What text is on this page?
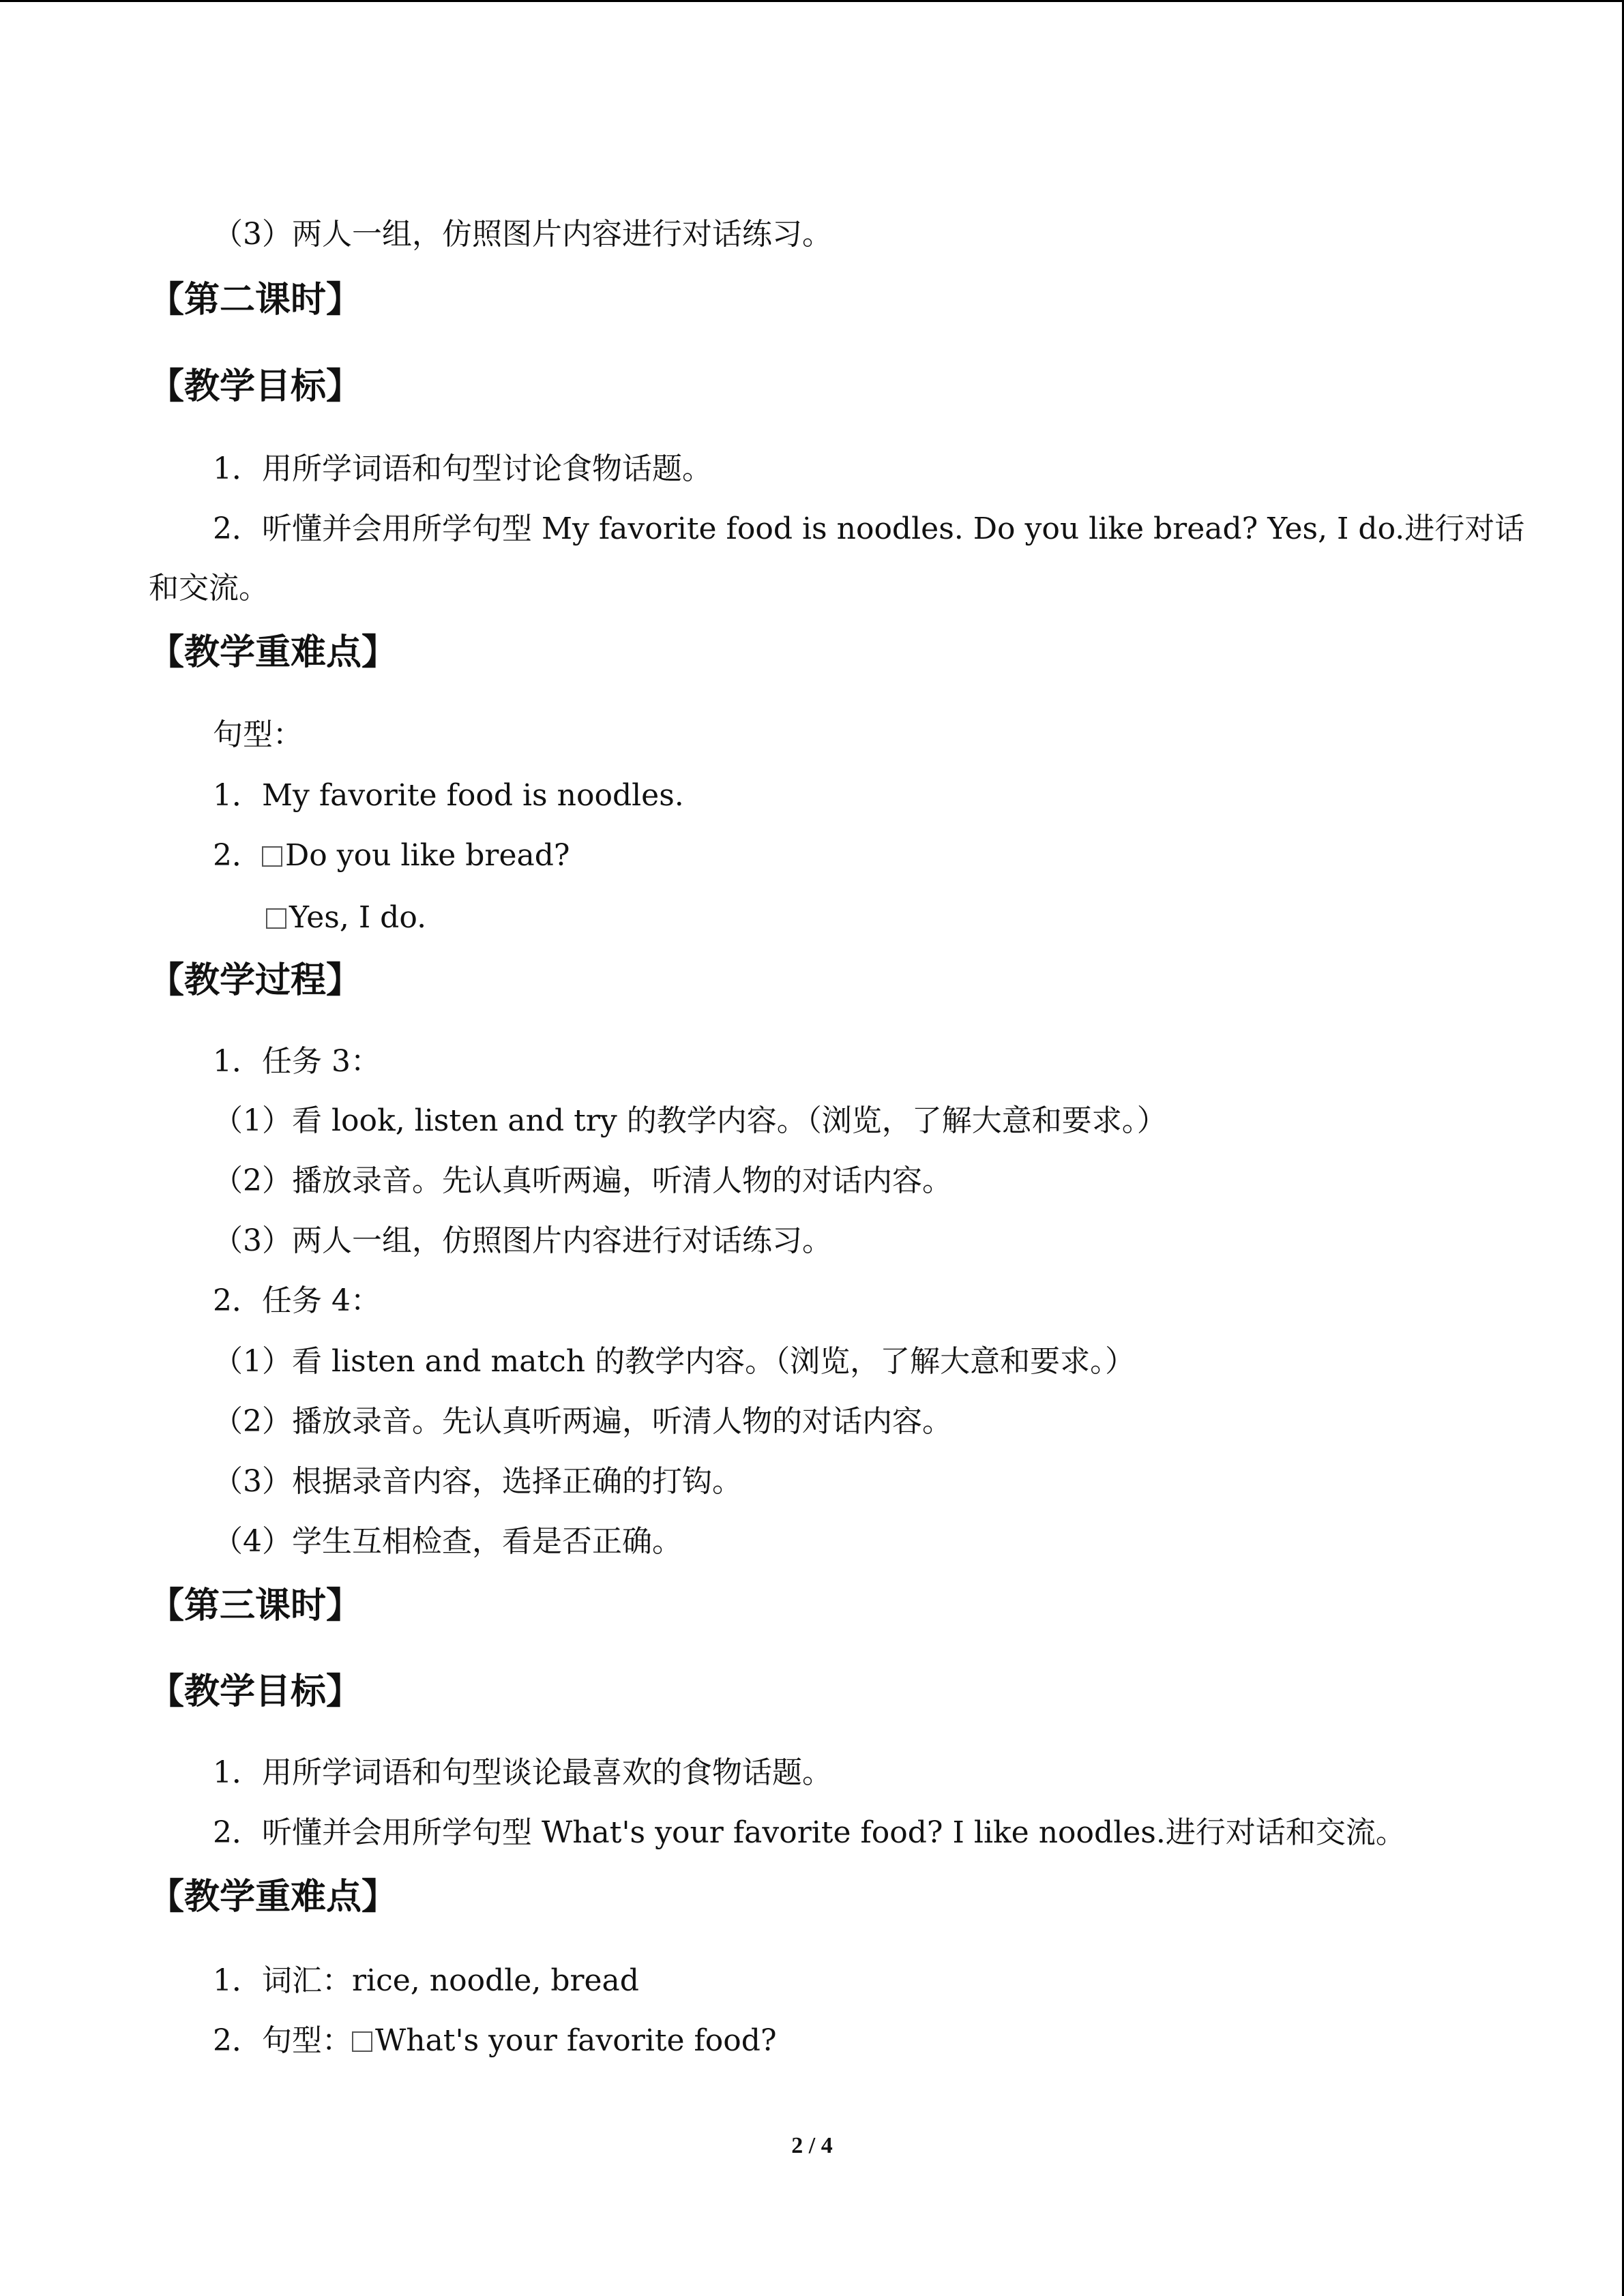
（3）两人一组，仿照图片内容进行对话练习。
【第二课时】
【教学目标】
1．用所学词语和句型讨论食物话题。
2．听懂并会用所学句型 My favorite food is noodles. Do you like bread? Yes, I do.进行对话
和交流。
【教学重难点】
句型：
1．My favorite food is noodles.
2． Do you like bread?
Yes, I do.
【教学过程】
1．任务 3：
（1）看 look, listen and try 的教学内容。（浏览，了解大意和要求。）
（2）播放录音。先认真听两遍，听清人物的对话内容。
（3）两人一组，仿照图片内容进行对话练习。
2．任务 4：
（1）看 listen and match 的教学内容。（浏览，了解大意和要求。）
（2）播放录音。先认真听两遍，听清人物的对话内容。
（3）根据录音内容，选择正确的打钩。
（4）学生互相检查，看是否正确。
【第三课时】
【教学目标】
1．用所学词语和句型谈论最喜欢的食物话题。
2．听懂并会用所学句型 What's your favorite food? I like noodles.进行对话和交流。
【教学重难点】
1．词汇：rice, noodle, bread
2．句型： What's your favorite food?
2 / 4
